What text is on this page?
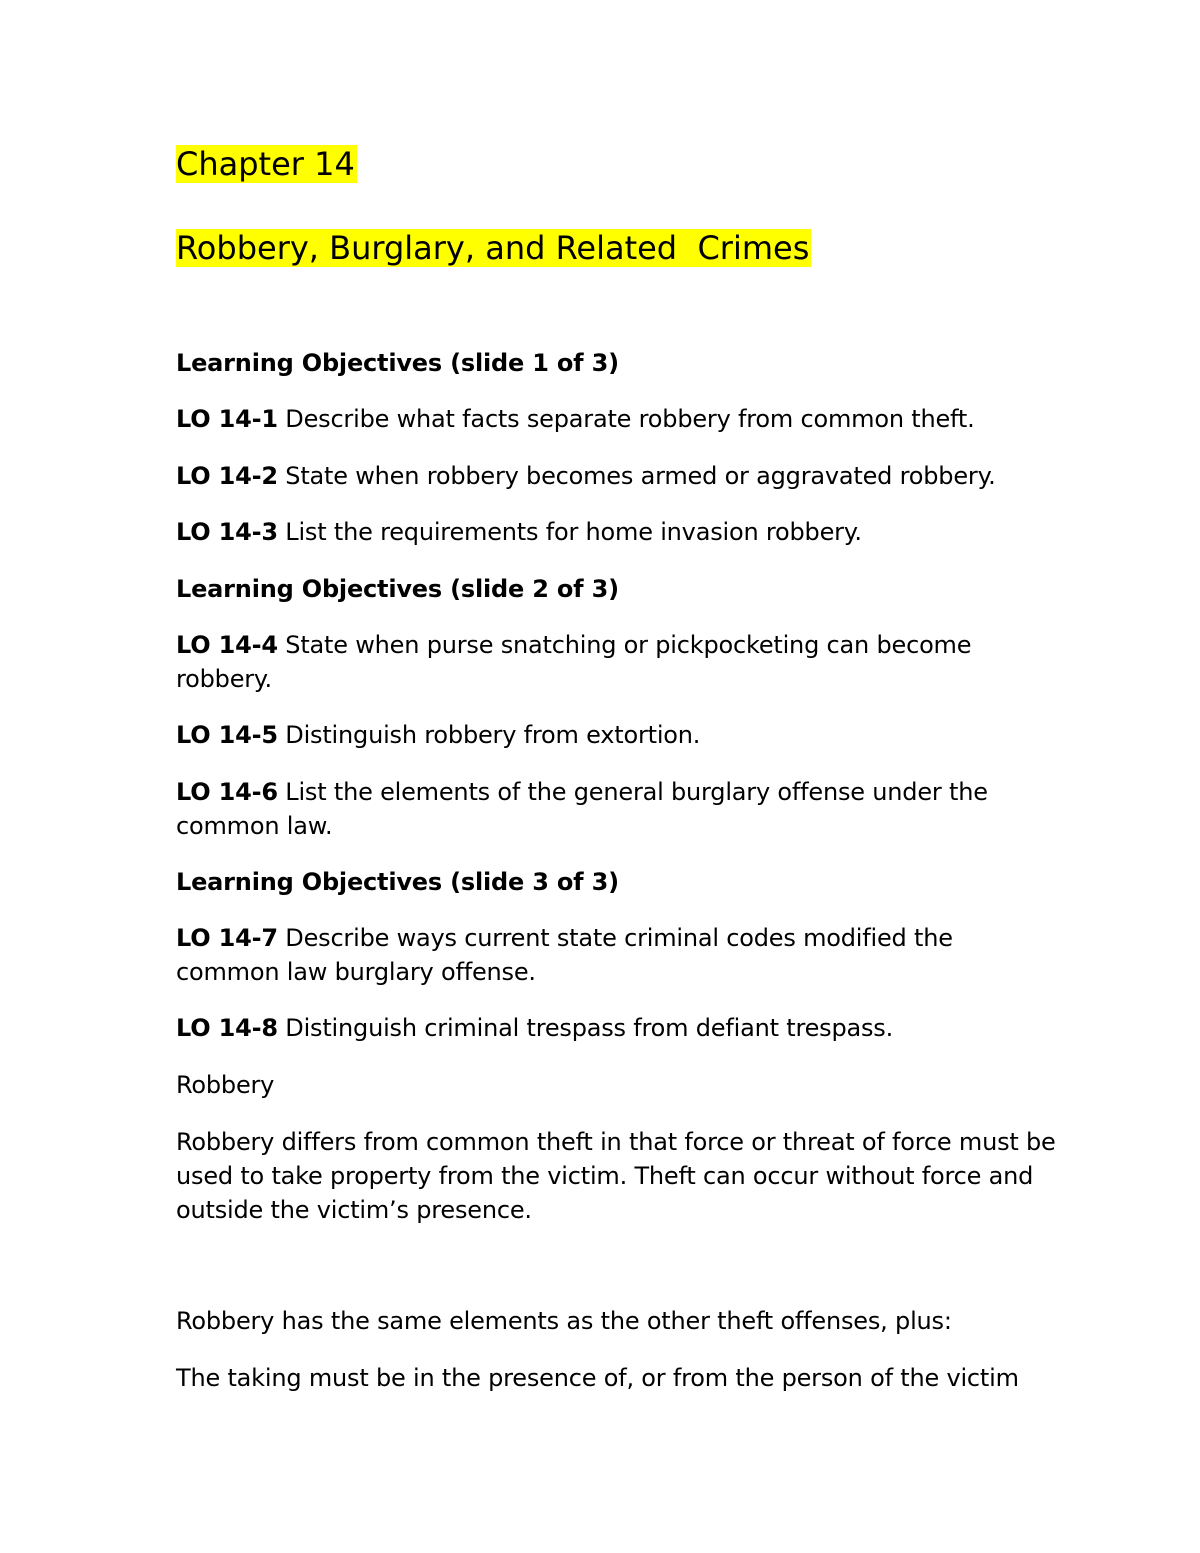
Chapter 14
Robbery, Burglary, and Related  Crimes

Learning Objectives (slide 1 of 3)

LO 14-1 Describe what facts separate robbery from common theft.

LO 14-2 State when robbery becomes armed or aggravated robbery.

LO 14-3 List the requirements for home invasion robbery.

Learning Objectives (slide 2 of 3)

LO 14-4 State when purse snatching or pickpocketing can become robbery.

LO 14-5 Distinguish robbery from extortion.

LO 14-6 List the elements of the general burglary offense under the common law.

Learning Objectives (slide 3 of 3)

LO 14-7 Describe ways current state criminal codes modified the common law burglary offense.

LO 14-8 Distinguish criminal trespass from defiant trespass.

Robbery

Robbery differs from common theft in that force or threat of force must be used to take property from the victim. Theft can occur without force and outside the victim’s presence.

Robbery has the same elements as the other theft offenses, plus:

The taking must be in the presence of, or from the person of the victim
